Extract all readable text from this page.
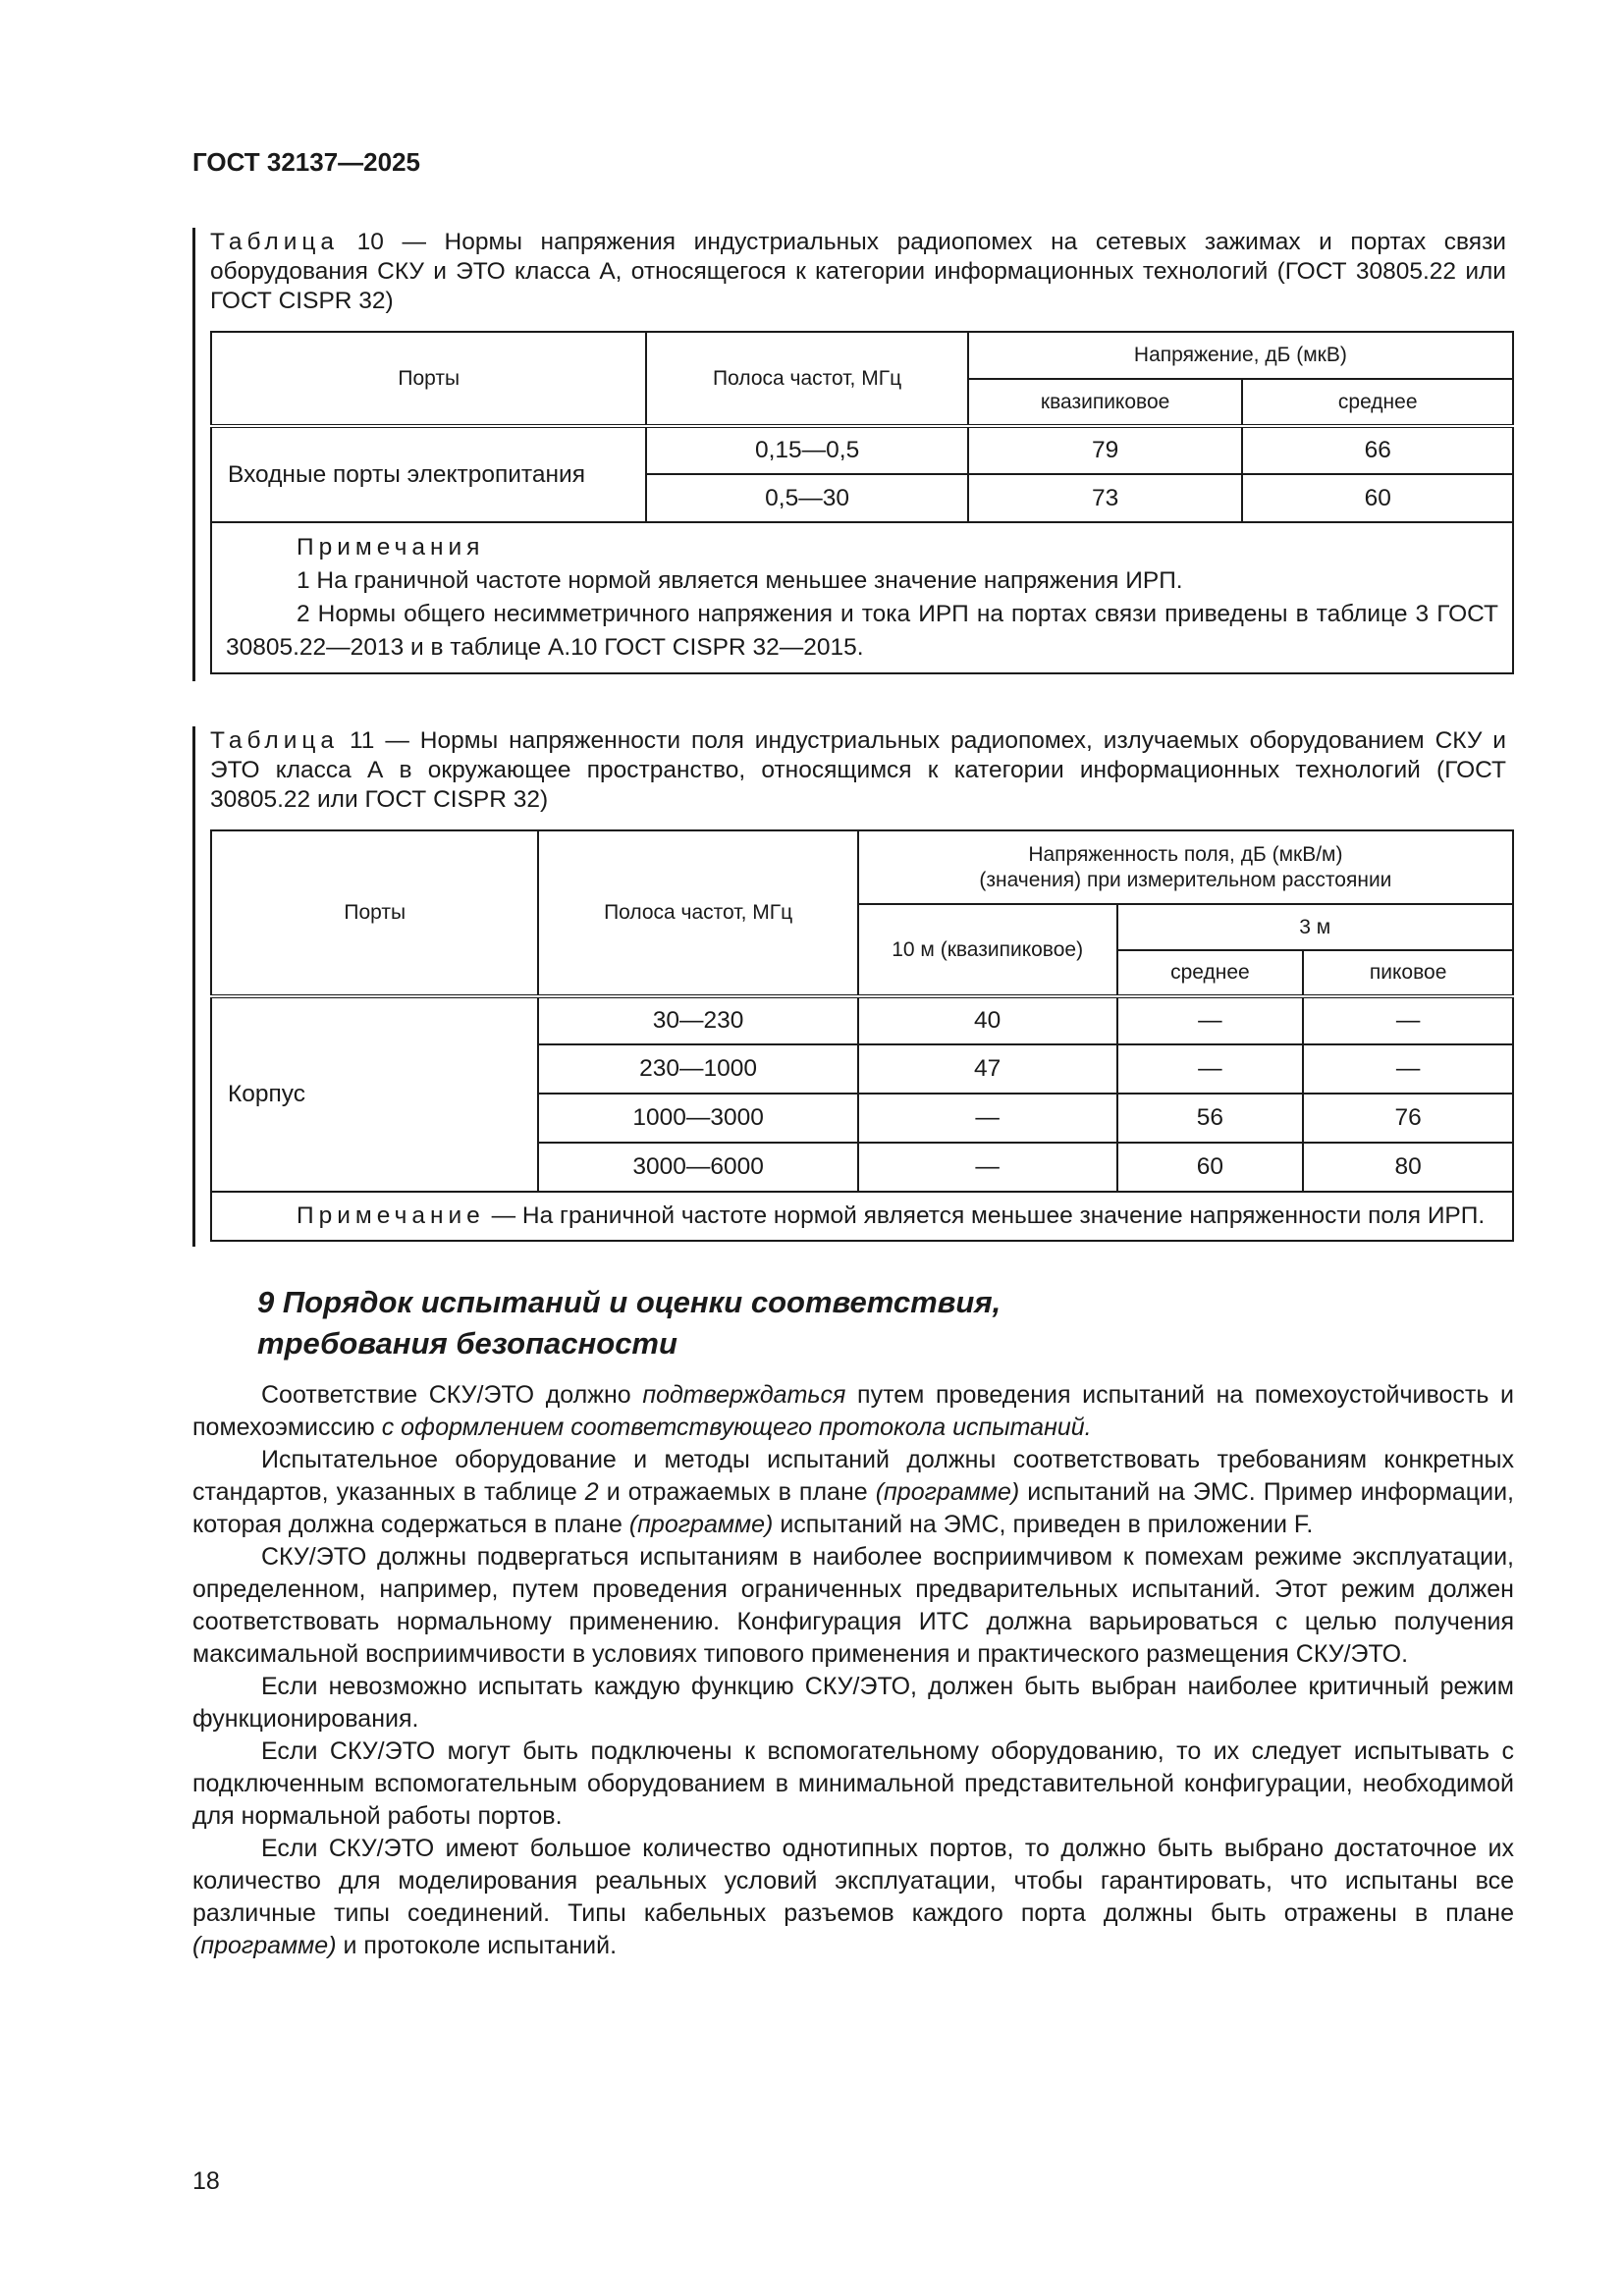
ГОСТ 32137—2025
Таблица 10 — Нормы напряжения индустриальных радиопомех на сетевых зажимах и портах связи оборудования СКУ и ЭТО класса А, относящегося к категории информационных технологий (ГОСТ 30805.22 или ГОСТ CISPR 32)
Порты	Полоса частот, МГц	Напряжение, дБ (мкВ)	
		квазипиковое	среднее
Входные порты электропитания	0,15—0,5	79	66
	0,5—30	73	60

Примечания
1 На граничной частоте нормой является меньшее значение напряжения ИРП.
2 Нормы общего несимметричного напряжения и тока ИРП на портах связи приведены в таблице 3 ГОСТ 30805.22—2013 и в таблице А.10 ГОСТ CISPR 32—2015.			
Таблица 11 — Нормы напряженности поля индустриальных радиопомех, излучаемых оборудованием СКУ и ЭТО класса А в окружающее пространство, относящимся к категории информационных технологий (ГОСТ 30805.22 или ГОСТ CISPR 32)
Порты	Полоса частот, МГц	Напряженность поля, дБ (мкВ/м)
(значения) при измерительном расстоянии		

		10 м (квазипиковое)	3 м	
			среднее	пиковое
Корпус	30—230	40	—	—
	230—1000	47	—	—
	1000—3000	—	56	76
	3000—6000	—	60	80
Примечание — На граничной частоте нормой является меньшее значение напряженности поля ИРП.				
9 Порядок испытаний и оценки соответствия,
требования безопасности

Соответствие СКУ/ЭТО должно подтверждаться путем проведения испытаний на помехоустойчивость и помехоэмиссию с оформлением соответствующего протокола испытаний.

Испытательное оборудование и методы испытаний должны соответствовать требованиям конкретных стандартов, указанных в таблице 2 и отражаемых в плане (программе) испытаний на ЭМС. Пример информации, которая должна содержаться в плане (программе) испытаний на ЭМС, приведен в приложении F.

СКУ/ЭТО должны подвергаться испытаниям в наиболее восприимчивом к помехам режиме эксплуатации, определенном, например, путем проведения ограниченных предварительных испытаний. Этот режим должен соответствовать нормальному применению. Конфигурация ИТС должна варьироваться с целью получения максимальной восприимчивости в условиях типового применения и практического размещения СКУ/ЭТО.

Если невозможно испытать каждую функцию СКУ/ЭТО, должен быть выбран наиболее критичный режим функционирования.

Если СКУ/ЭТО могут быть подключены к вспомогательному оборудованию, то их следует испытывать с подключенным вспомогательным оборудованием в минимальной представительной конфигурации, необходимой для нормальной работы портов.

Если СКУ/ЭТО имеют большое количество однотипных портов, то должно быть выбрано достаточное их количество для моделирования реальных условий эксплуатации, чтобы гарантировать, что испытаны все различные типы соединений. Типы кабельных разъемов каждого порта должны быть отражены в плане (программе) и протоколе испытаний.

18
